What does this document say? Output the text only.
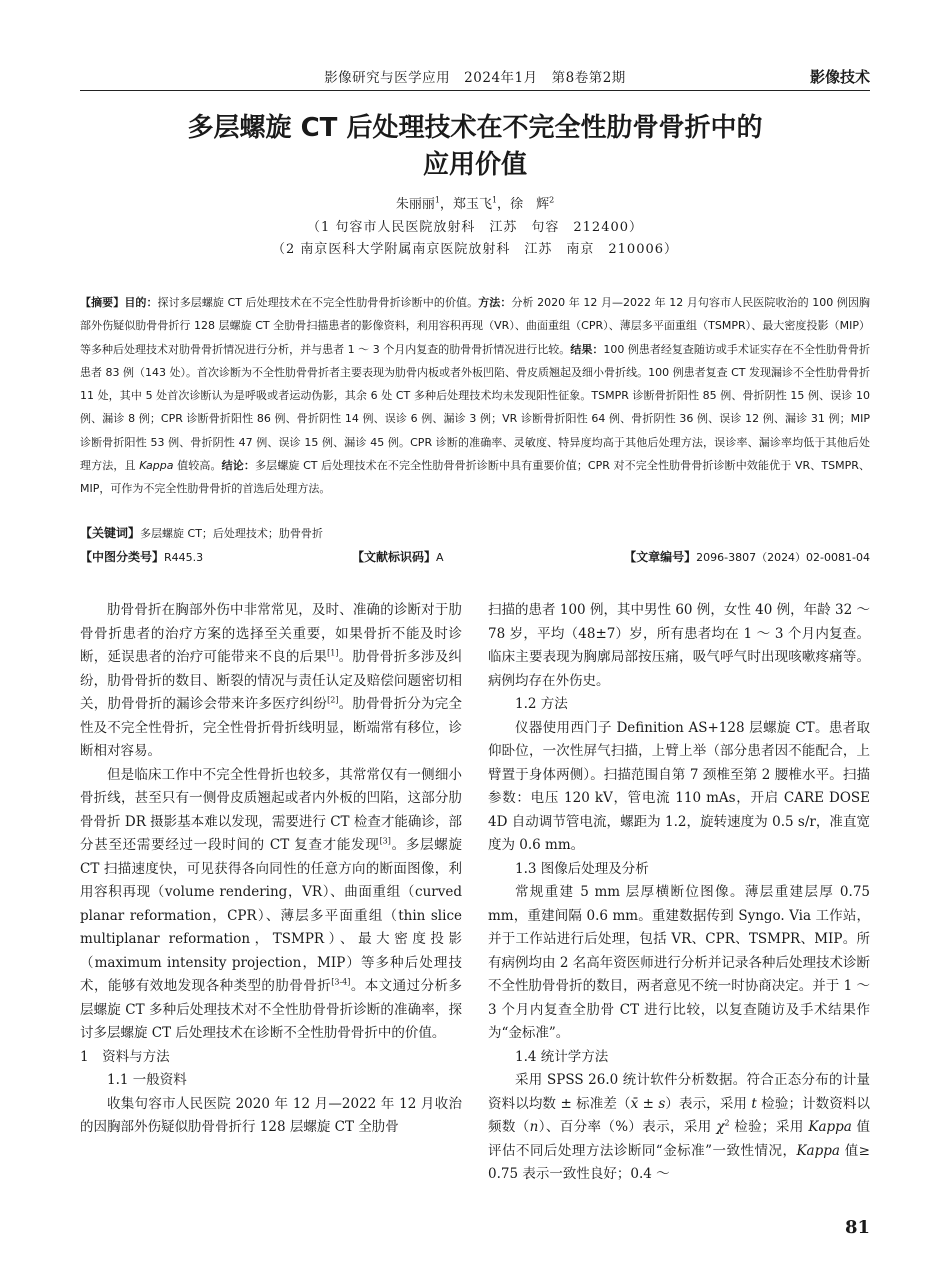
影像研究与医学应用　2024年1月　第8卷第2期	影像技术
多层螺旋 CT 后处理技术在不完全性肋骨骨折中的
应用价值
朱丽丽$^1$，郑玉飞$^1$，徐　辉$^2$
（1 句容市人民医院放射科　江苏　句容　212400）
（2 南京医科大学附属南京医院放射科　江苏　南京　210006）
【摘要】目的：探讨多层螺旋 CT 后处理技术在不完全性肋骨骨折诊断中的价值。方法：分析 2020 年 12 月—2022 年 12 月句容市人民医院收治的 100 例因胸部外伤疑似肋骨骨折行 128 层螺旋 CT 全肋骨扫描患者的影像资料，利用容积再现（VR）、曲面重组（CPR）、薄层多平面重组（TSMPR）、最大密度投影（MIP）等多种后处理技术对肋骨骨折情况进行分析，并与患者 1 ～ 3 个月内复查的肋骨骨折情况进行比较。结果：100 例患者经复查随访或手术证实存在不全性肋骨骨折患者 83 例（143 处）。首次诊断为不全性肋骨骨折者主要表现为肋骨内板或者外板凹陷、骨皮质翘起及细小骨折线。100 例患者复查 CT 发现漏诊不全性肋骨骨折 11 处，其中 5 处首次诊断认为是呼吸或者运动伪影，其余 6 处 CT 多种后处理技术均未发现阳性征象。TSMPR 诊断骨折阳性 85 例、骨折阴性 15 例、误诊 10 例、漏诊 8 例；CPR 诊断骨折阳性 86 例、骨折阴性 14 例、误诊 6 例、漏诊 3 例；VR 诊断骨折阳性 64 例、骨折阴性 36 例、误诊 12 例、漏诊 31 例；MIP 诊断骨折阳性 53 例、骨折阴性 47 例、误诊 15 例、漏诊 45 例。CPR 诊断的准确率、灵敏度、特异度均高于其他后处理方法，误诊率、漏诊率均低于其他后处理方法，且 Kappa 值较高。结论：多层螺旋 CT 后处理技术在不完全性肋骨骨折诊断中具有重要价值；CPR 对不完全性肋骨骨折诊断中效能优于 VR、TSMPR、MIP，可作为不完全性肋骨骨折的首选后处理方法。
【关键词】多层螺旋 CT；后处理技术；肋骨骨折
【中图分类号】R445.3	【文献标识码】A	【文章编号】2096-3807（2024）02-0081-04

肋骨骨折在胸部外伤中非常常见，及时、准确的诊断对于肋骨骨折患者的治疗方案的选择至关重要，如果骨折不能及时诊断，延误患者的治疗可能带来不良的后果[1]。肋骨骨折多涉及纠纷，肋骨骨折的数目、断裂的情况与责任认定及赔偿问题密切相关，肋骨骨折的漏诊会带来许多医疗纠纷[2]。肋骨骨折分为完全性及不完全性骨折，完全性骨折骨折线明显，断端常有移位，诊断相对容易。

但是临床工作中不完全性骨折也较多，其常常仅有一侧细小骨折线，甚至只有一侧骨皮质翘起或者内外板的凹陷，这部分肋骨骨折 DR 摄影基本难以发现，需要进行 CT 检查才能确诊，部分甚至还需要经过一段时间的 CT 复查才能发现[3]。多层螺旋 CT 扫描速度快，可见获得各向同性的任意方向的断面图像，利用容积再现（volume rendering，VR）、曲面重组（curved planar reformation，CPR）、薄层多平面重组（thin slice multiplanar reformation，TSMPR）、最大密度投影（maximum intensity projection，MIP）等多种后处理技术，能够有效地发现各种类型的肋骨骨折[3-4]。本文通过分析多层螺旋 CT 多种后处理技术对不全性肋骨骨折诊断的准确率，探讨多层螺旋 CT 后处理技术在诊断不全性肋骨骨折中的价值。

1　资料与方法

1.1 一般资料

收集句容市人民医院 2020 年 12 月—2022 年 12 月收治的因胸部外伤疑似肋骨骨折行 128 层螺旋 CT 全肋骨

扫描的患者 100 例，其中男性 60 例，女性 40 例，年龄 32 ～ 78 岁，平均（48±7）岁，所有患者均在 1 ～ 3 个月内复查。临床主要表现为胸廓局部按压痛，吸气呼气时出现咳嗽疼痛等。病例均存在外伤史。

1.2 方法

仪器使用西门子 Definition AS+128 层螺旋 CT。患者取仰卧位，一次性屏气扫描，上臂上举（部分患者因不能配合，上臂置于身体两侧）。扫描范围自第 7 颈椎至第 2 腰椎水平。扫描参数：电压 120 kV，管电流 110 mAs，开启 CARE DOSE 4D 自动调节管电流，螺距为 1.2，旋转速度为 0.5 s/r，准直宽度为 0.6 mm。

1.3 图像后处理及分析

常规重建 5 mm 层厚横断位图像。薄层重建层厚 0.75 mm，重建间隔 0.6 mm。重建数据传到 Syngo. Via 工作站，并于工作站进行后处理，包括 VR、CPR、TSMPR、MIP。所有病例均由 2 名高年资医师进行分析并记录各种后处理技术诊断不全性肋骨骨折的数目，两者意见不统一时协商决定。并于 1 ～ 3 个月内复查全肋骨 CT 进行比较，以复查随访及手术结果作为“金标准”。

1.4 统计学方法

采用 SPSS 26.0 统计软件分析数据。符合正态分布的计量资料以均数 ± 标准差（x̄ ± s）表示，采用 t 检验；计数资料以频数（n）、百分率（%）表示，采用 $\chi^2$ 检验；采用 Kappa 值评估不同后处理方法诊断同“金标准”一致性情况，Kappa 值≥ 0.75 表示一致性良好；0.4 ～

81
